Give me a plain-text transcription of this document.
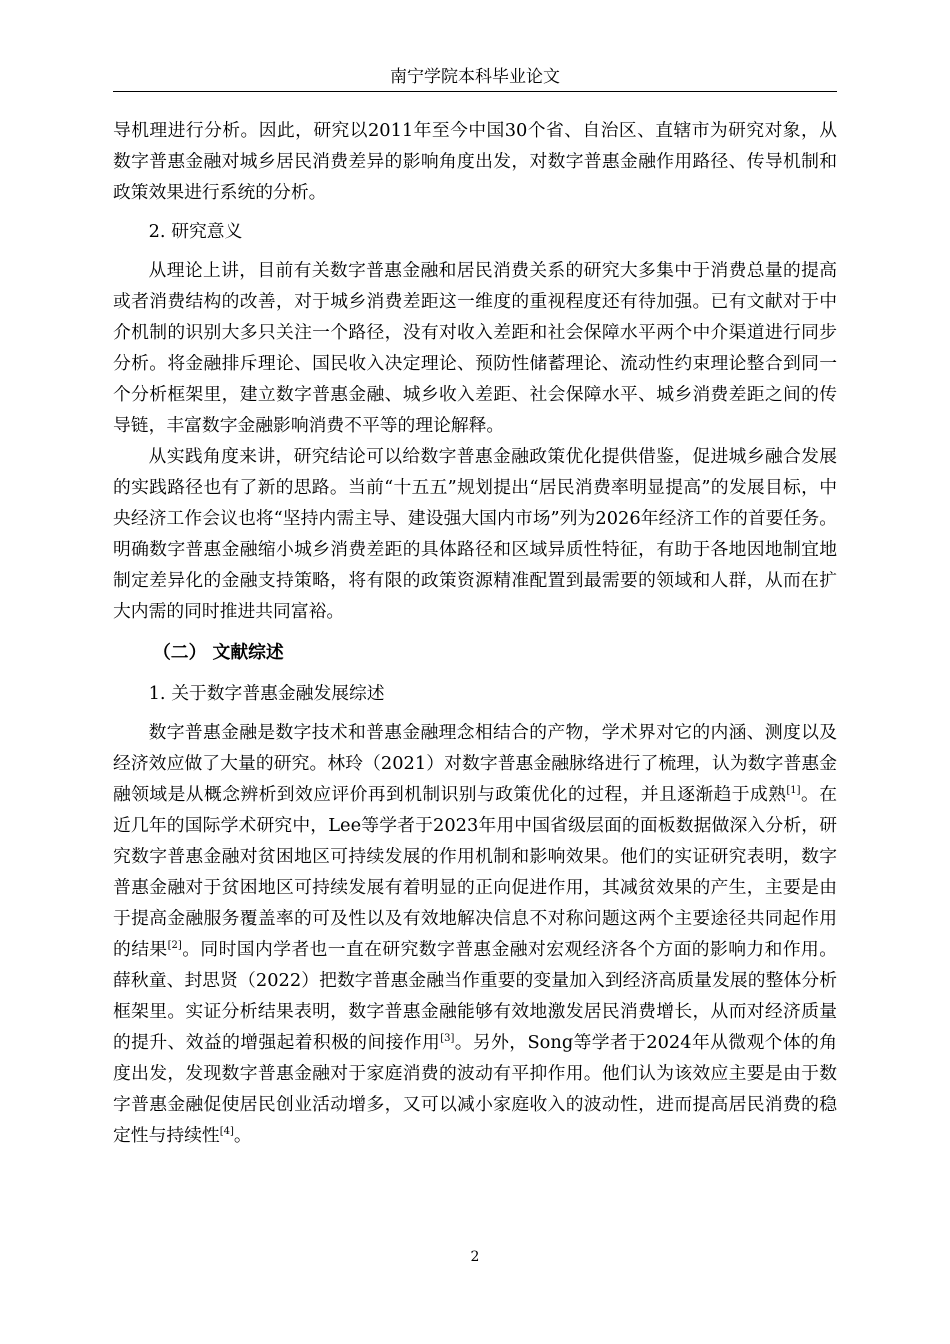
南宁学院本科毕业论文

导机理进行分析。因此，研究以2011年至今中国30个省、自治区、直辖市为研究对象，从数字普惠金融对城乡居民消费差异的影响角度出发，对数字普惠金融作用路径、传导机制和政策效果进行系统的分析。

2. 研究意义

从理论上讲，目前有关数字普惠金融和居民消费关系的研究大多集中于消费总量的提高或者消费结构的改善，对于城乡消费差距这一维度的重视程度还有待加强。已有文献对于中介机制的识别大多只关注一个路径，没有对收入差距和社会保障水平两个中介渠道进行同步分析。将金融排斥理论、国民收入决定理论、预防性储蓄理论、流动性约束理论整合到同一个分析框架里，建立数字普惠金融、城乡收入差距、社会保障水平、城乡消费差距之间的传导链，丰富数字金融影响消费不平等的理论解释。

从实践角度来讲，研究结论可以给数字普惠金融政策优化提供借鉴，促进城乡融合发展的实践路径也有了新的思路。当前“十五五”规划提出“居民消费率明显提高”的发展目标，中央经济工作会议也将“坚持内需主导、建设强大国内市场”列为2026年经济工作的首要任务。明确数字普惠金融缩小城乡消费差距的具体路径和区域异质性特征，有助于各地因地制宜地制定差异化的金融支持策略，将有限的政策资源精准配置到最需要的领域和人群，从而在扩大内需的同时推进共同富裕。

（二） 文献综述

1. 关于数字普惠金融发展综述

数字普惠金融是数字技术和普惠金融理念相结合的产物，学术界对它的内涵、测度以及经济效应做了大量的研究。林玲（2021）对数字普惠金融脉络进行了梳理，认为数字普惠金融领域是从概念辨析到效应评价再到机制识别与政策优化的过程，并且逐渐趋于成熟[1]。在近几年的国际学术研究中，Lee等学者于2023年用中国省级层面的面板数据做深入分析，研究数字普惠金融对贫困地区可持续发展的作用机制和影响效果。他们的实证研究表明，数字普惠金融对于贫困地区可持续发展有着明显的正向促进作用，其减贫效果的产生，主要是由于提高金融服务覆盖率的可及性以及有效地解决信息不对称问题这两个主要途径共同起作用的结果[2]。同时国内学者也一直在研究数字普惠金融对宏观经济各个方面的影响力和作用。薛秋童、封思贤（2022）把数字普惠金融当作重要的变量加入到经济高质量发展的整体分析框架里。实证分析结果表明，数字普惠金融能够有效地激发居民消费增长，从而对经济质量的提升、效益的增强起着积极的间接作用[3]。另外，Song等学者于2024年从微观个体的角度出发，发现数字普惠金融对于家庭消费的波动有平抑作用。他们认为该效应主要是由于数字普惠金融促使居民创业活动增多，又可以减小家庭收入的波动性，进而提高居民消费的稳定性与持续性[4]。

2
